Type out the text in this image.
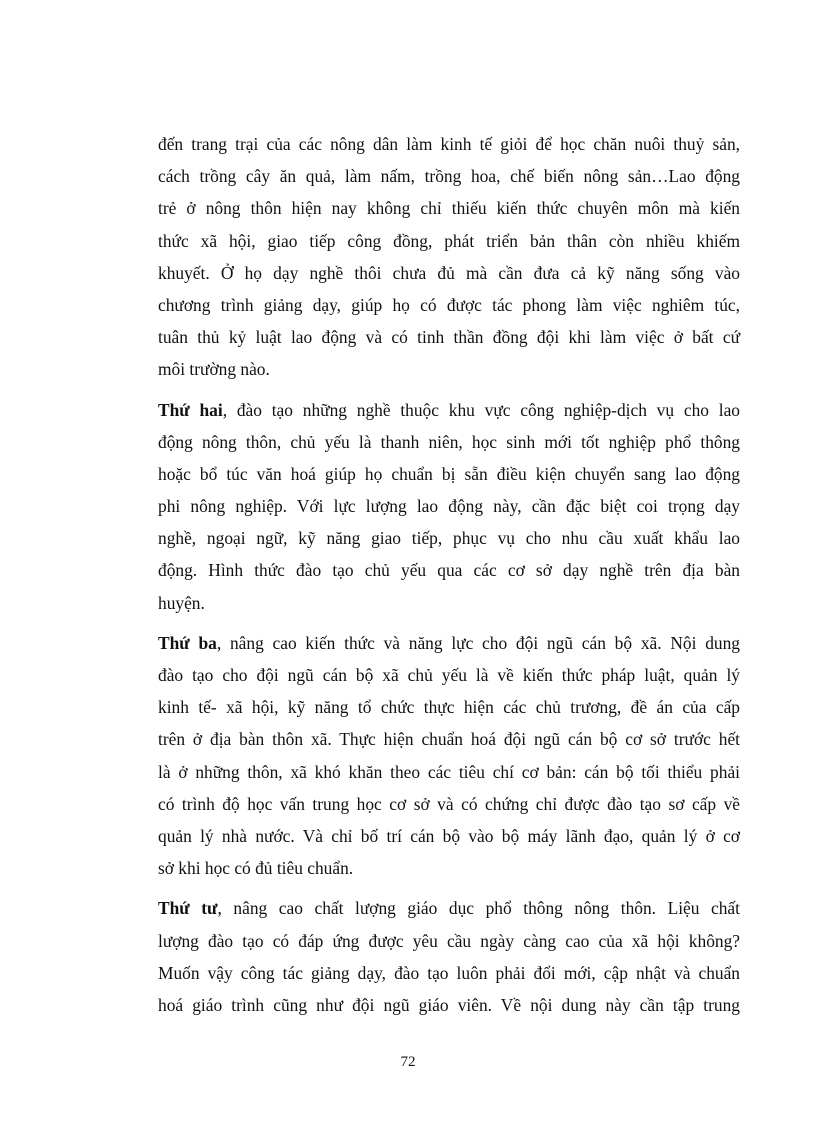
đến trang trại của các nông dân làm kinh tế giỏi để học chăn nuôi thuỷ sản,
cách trồng cây ăn quả, làm nấm, trồng hoa, chế biến nông sản…Lao động
trẻ ở nông thôn hiện nay không chỉ thiếu kiến thức chuyên môn mà kiến
thức xã hội, giao tiếp công đồng, phát triển bản thân còn nhiều khiếm
khuyết. Ở họ dạy nghề thôi chưa đủ mà cần đưa cả kỹ năng sống vào
chương trình giảng dạy, giúp họ có được tác phong làm việc nghiêm túc,
tuân thủ kỷ luật lao động và có tinh thần đồng đội khi làm việc ở bất cứ
môi trường nào.
Thứ hai, đào tạo những nghề thuộc khu vực công nghiệp-dịch vụ cho lao
động nông thôn, chủ yếu là thanh niên, học sinh mới tốt nghiệp phổ thông
hoặc bổ túc văn hoá giúp họ chuẩn bị sẵn điều kiện chuyển sang lao động
phi nông nghiệp. Với lực lượng lao động này, cần đặc biệt coi trọng dạy
nghề, ngoại ngữ, kỹ năng giao tiếp, phục vụ cho nhu cầu xuất khẩu lao
động. Hình thức đào tạo chủ yếu qua các cơ sở dạy nghề trên địa bàn
huyện.
Thứ ba, nâng cao kiến thức và năng lực cho đội ngũ cán bộ xã. Nội dung
đào tạo cho đội ngũ cán bộ xã chủ yếu là về kiến thức pháp luật, quản lý
kinh tế- xã hội, kỹ năng tổ chức thực hiện các chủ trương, đề án của cấp
trên ở địa bàn thôn xã. Thực hiện chuẩn hoá đội ngũ cán bộ cơ sở trước hết
là ở những thôn, xã khó khăn theo các tiêu chí cơ bản: cán bộ tối thiểu phải
có trình độ học vấn trung học cơ sở và có chứng chỉ được đào tạo sơ cấp về
quản lý nhà nước. Và chỉ bố trí cán bộ vào bộ máy lãnh đạo, quản lý ở cơ
sở khi học có đủ tiêu chuẩn.
Thứ tư, nâng cao chất lượng giáo dục phổ thông nông thôn. Liệu chất
lượng đào tạo có đáp ứng được yêu cầu ngày càng cao của xã hội không?
Muốn vậy công tác giảng dạy, đào tạo luôn phải đổi mới, cập nhật và chuẩn
hoá giáo trình cũng như đội ngũ giáo viên. Về nội dung này cần tập trung
72
